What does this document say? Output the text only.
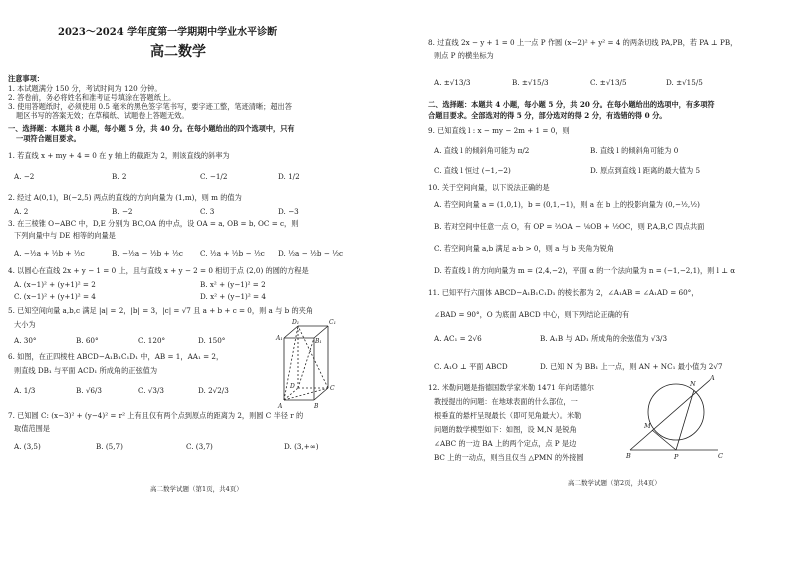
2023～2024 学年度第一学期期中学业水平诊断
高二数学
注意事项：
1. 本试题满分 150 分，考试时间为 120 分钟。
2. 答卷前，务必将姓名和准考证号填涂在答题纸上。
3. 使用答题纸时，必须使用 0.5 毫米的黑色签字笔书写，要字迹工整，笔迹清晰；超出答
题区书写的答案无效；在草稿纸、试题卷上答题无效。
一、选择题：本题共 8 小题，每小题 5 分，共 40 分。在每小题给出的四个选项中，只有
一项符合题目要求。
1. 若直线 x + my + 4 = 0 在 y 轴上的截距为 2，则该直线的斜率为
A. −2	B. 2	C. −1/2	D. 1/2
2. 经过 A(0,1)，B(−2,5) 两点的直线的方向向量为 (1,m)，则 m 的值为
A. 2	B. −2	C. 3	D. −3
3. 在三棱锥 O−ABC 中，D,E 分别为 BC,OA 的中点，设 OA = a, OB = b, OC = c，则
下列向量中与 DE 相等的向量是
A. −½a + ½b + ½c	B. −½a − ½b + ½c C. ½a + ½b − ½c D. ½a − ½b − ½c
4. 以圆心在直线 2x + y − 1 = 0 上，且与直线 x + y − 2 = 0 相切于点 (2,0) 的圆的方程是
A. (x−1)² + (y+1)² = 2	B. x² + (y−1)² = 2
C. (x−1)² + (y+1)² = 4	D. x² + (y−1)² = 4
5. 已知空间向量 a,b,c 满足 |a| = 2，|b| = 3，|c| = √7 且 a + b + c = 0，则 a 与 b 的夹角
大小为
A. 30°	B. 60°	C. 120°	D. 150°
6. 如图，在正四棱柱 ABCD−A₁B₁C₁D₁ 中，AB = 1，AA₁ = 2，
则直线 DB₁ 与平面 ACD₁ 所成角的正弦值为
A. 1/3	B. √6/3	C. √3/3	D. 2√2/3
D₁	C₁
A₁	B₁
D	C
A	B
7. 已知圆 C: (x−3)² + (y−4)² = r² 上有且仅有两个点到原点的距离为 2，则圆 C 半径 r 的
取值范围是
A. (3,5)	B. (5,7)	C. (3,7)	D. (3,+∞)
高二数学试题（第1页，共4页）
8. 过直线 2x − y + 1 = 0 上一点 P 作圆 (x−2)² + y² = 4 的两条切线 PA,PB，若 PA ⊥ PB，
则点 P 的横坐标为
A. ±√13/3	B. ±√15/3	C. ±√13/5	D. ±√15/5
二、选择题：本题共 4 小题，每小题 5 分，共 20 分。在每小题给出的选项中，有多项符
合题目要求。全部选对的得 5 分，部分选对的得 2 分，有选错的得 0 分。
9. 已知直线 l : x − my − 2m + 1 = 0，则
A. 直线 l 的倾斜角可能为 π/2	B. 直线 l 的倾斜角可能为 0
C. 直线 l 恒过 (−1,−2)	D. 原点到直线 l 距离的最大值为 5
10. 关于空间向量，以下说法正确的是
A. 若空间向量 a = (1,0,1)，b = (0,1,−1)，则 a 在 b 上的投影向量为 (0,−½,½)
B. 若对空间中任意一点 O，有 OP = ⅔OA − ⅙OB + ½OC，则 P,A,B,C 四点共面
C. 若空间向量 a,b 满足 a·b > 0，则 a 与 b 夹角为锐角
D. 若直线 l 的方向向量为 m = (2,4,−2)，平面 α 的一个法向量为 n = (−1,−2,1)，则 l ⊥ α
11. 已知平行六面体 ABCD−A₁B₁C₁D₁ 的棱长都为 2，∠A₁AB = ∠A₁AD = 60°，
∠BAD = 90°，O 为底面 ABCD 中心，则下列结论正确的有
A. AC₁ = 2√6	B. A₁B 与 AD₁ 所成角的余弦值为 √3/3
C. A₁O ⊥ 平面 ABCD	D. 已知 N 为 BB₁ 上一点，则 AN + NC₁ 最小值为 2√7
12. 米勒问题是指德国数学家米勒 1471 年向诺德尔
教授提出的问题：在地球表面的什么部位，一
根垂直的悬杆呈现最长（即可见角最大）。米勒
问题的数学模型如下：如图，设 M,N 是锐角
∠ABC 的一边 BA 上的两个定点，点 P 是边
BC 上的一动点，则当且仅当 △PMN 的外接圆
A
N
M
B	P	C
高二数学试题（第2页，共4页）
